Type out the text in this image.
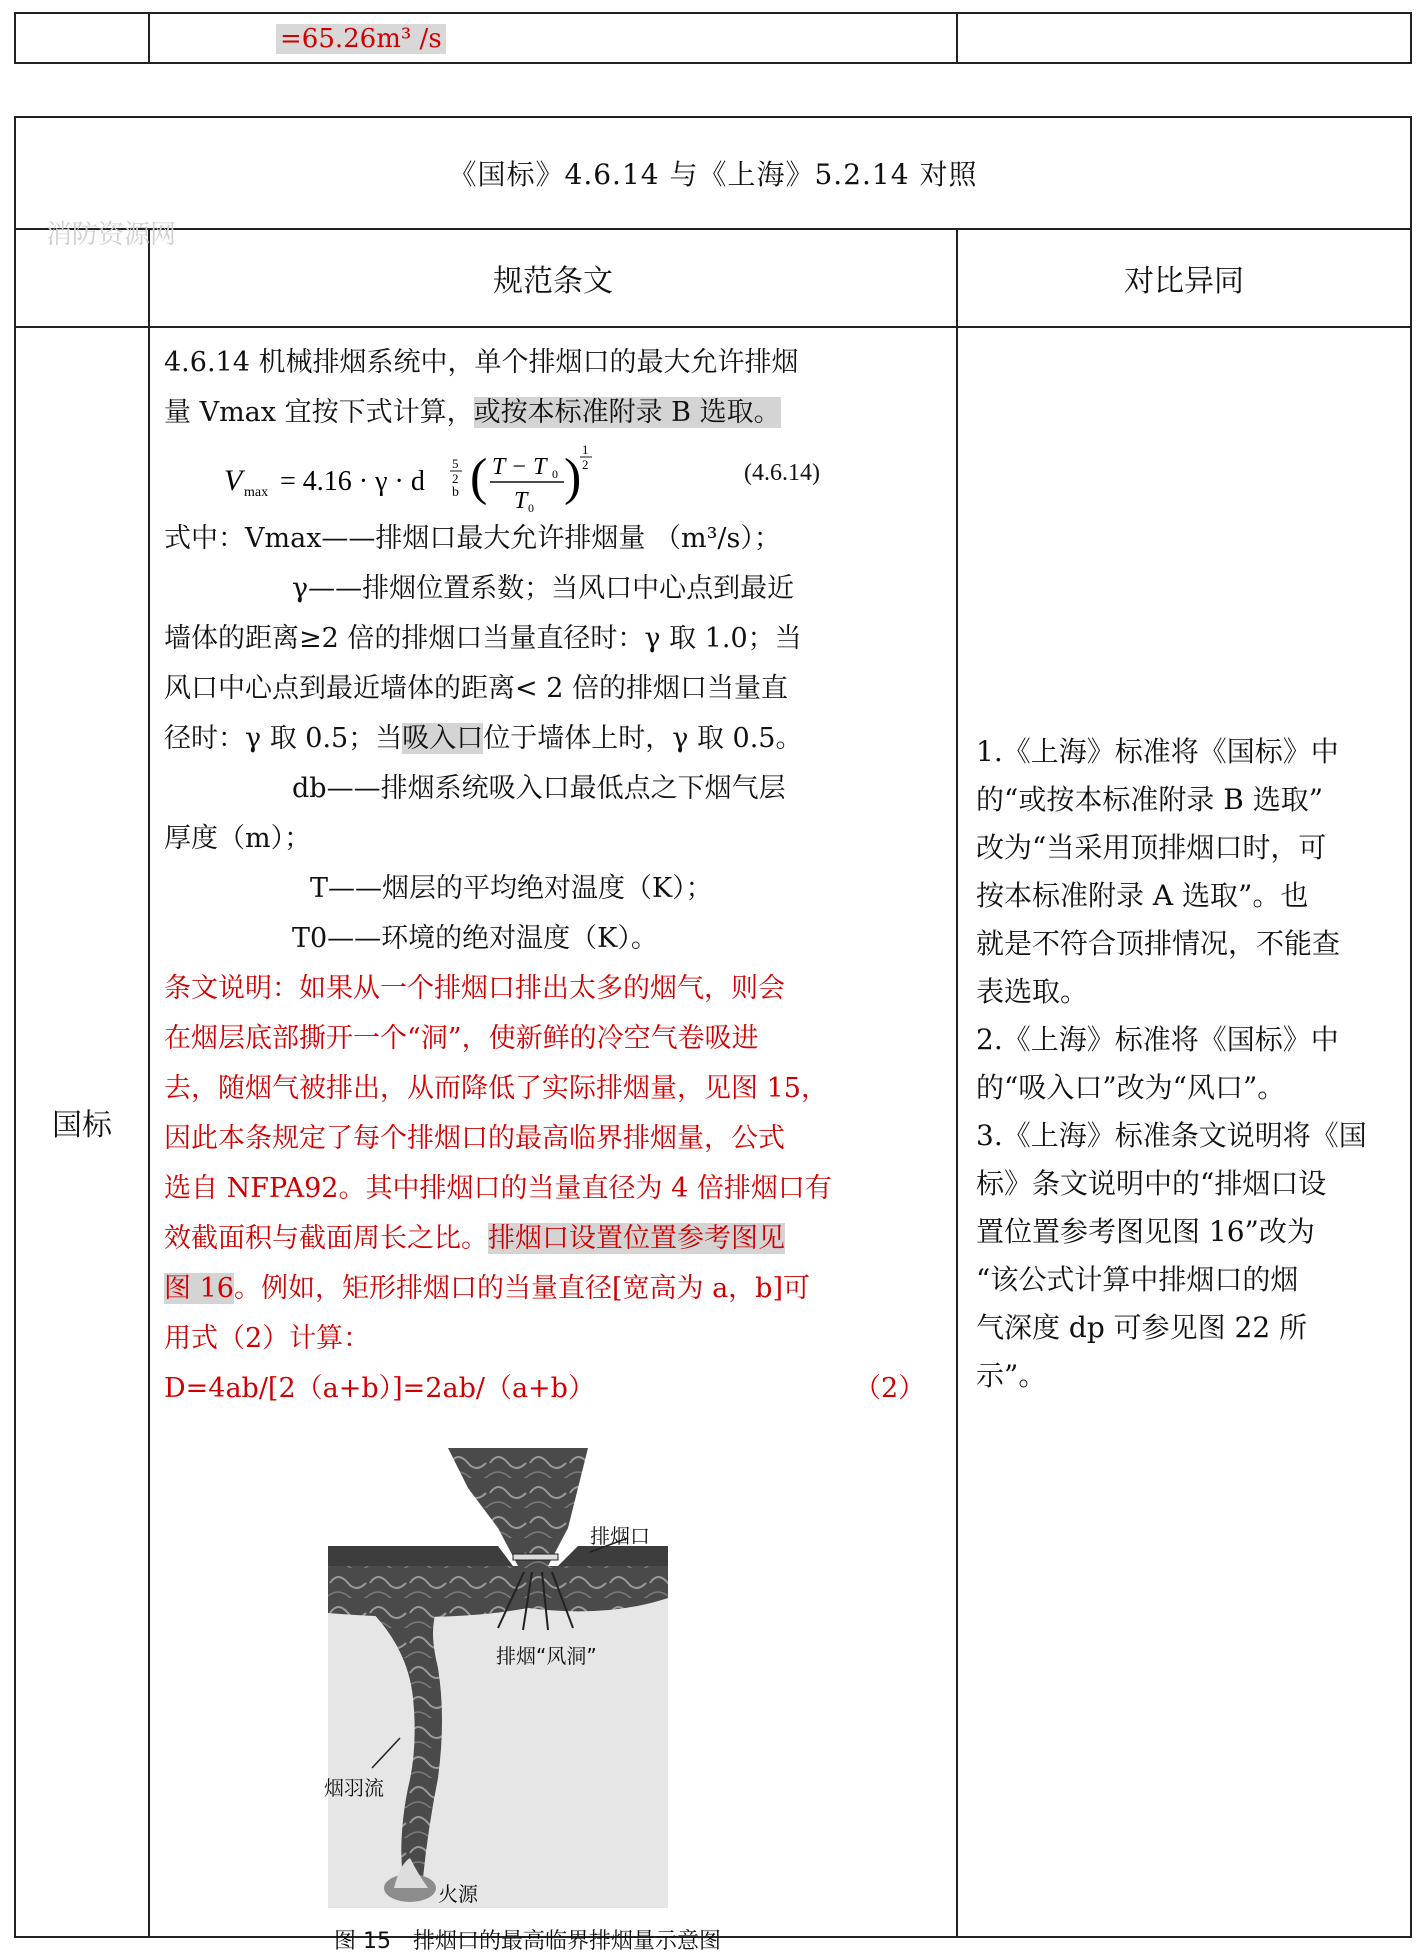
=65.26m³ /s
《国标》4.6.14 与《上海》5.2.14 对照
消防资源网
规范条文	对比异同
国标

4.6.14 机械排烟系统中，单个排烟口的最大允许排烟

量 Vmax 宜按下式计算，或按本标准附录 B 选取。

V max = 4.16 · γ · d b
5
2 ( T − T 0
T 0
) 1
2	(4.6.14)

式中：Vmax——排烟口最大允许排烟量 （m³/s）；

γ——排烟位置系数；当风口中心点到最近

墙体的距离≥2 倍的排烟口当量直径时：γ 取 1.0；当

风口中心点到最近墙体的距离< 2 倍的排烟口当量直

径时：γ 取 0.5；当吸入口位于墙体上时，γ 取 0.5。

db——排烟系统吸入口最低点之下烟气层

厚度（m）；

T——烟层的平均绝对温度（K）；

T0——环境的绝对温度（K）。

条文说明：如果从一个排烟口排出太多的烟气，则会

在烟层底部撕开一个“洞”，使新鲜的冷空气卷吸进

去，随烟气被排出，从而降低了实际排烟量，见图 15，

因此本条规定了每个排烟口的最高临界排烟量，公式

选自 NFPA92。其中排烟口的当量直径为 4 倍排烟口有

效截面积与截面周长之比。排烟口设置位置参考图见

图 16。例如，矩形排烟口的当量直径[宽高为 a，b]可

用式（2）计算：

D=4ab/[2（a+b）]=2ab/（a+b）	（2）

排烟口
排烟“风洞”
烟羽流
火源
图 15　排烟口的最高临界排烟量示意图

1.《上海》标准将《国标》中

的“或按本标准附录 B 选取”

改为“当采用顶排烟口时，可

按本标准附录 A 选取”。也

就是不符合顶排情况，不能查

表选取。

2.《上海》标准将《国标》中

的“吸入口”改为“风口”。

3.《上海》标准条文说明将《国

标》条文说明中的“排烟口设

置位置参考图见图 16”改为

“该公式计算中排烟口的烟

气深度 dp 可参见图 22 所

示”。
